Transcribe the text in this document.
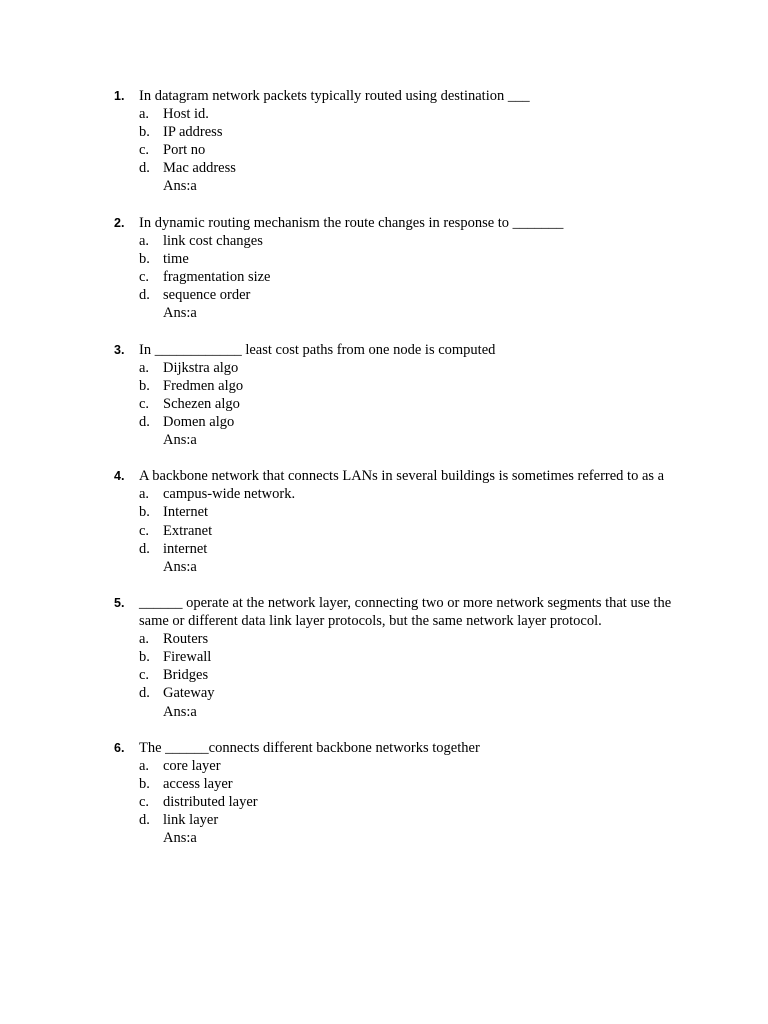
1. In datagram network packets typically routed using destination ___
a. Host id.
b. IP address
c. Port no
d. Mac address
Ans:a
2. In dynamic routing mechanism the route changes in response to _______
a. link cost changes
b. time
c. fragmentation size
d. sequence order
Ans:a
3. In ____________ least cost paths from one node is computed
a. Dijkstra algo
b. Fredmen algo
c. Schezen algo
d. Domen algo
Ans:a
4. A backbone network that connects LANs in several buildings is sometimes referred to as a
a. campus-wide network.
b. Internet
c. Extranet
d. internet
Ans:a
5. ______ operate at the network layer, connecting two or more network segments that use the same or different data link layer protocols, but the same network layer protocol.
a. Routers
b. Firewall
c. Bridges
d. Gateway
Ans:a
6. The ______connects different backbone networks together
a. core layer
b. access layer
c. distributed layer
d. link layer
Ans:a
